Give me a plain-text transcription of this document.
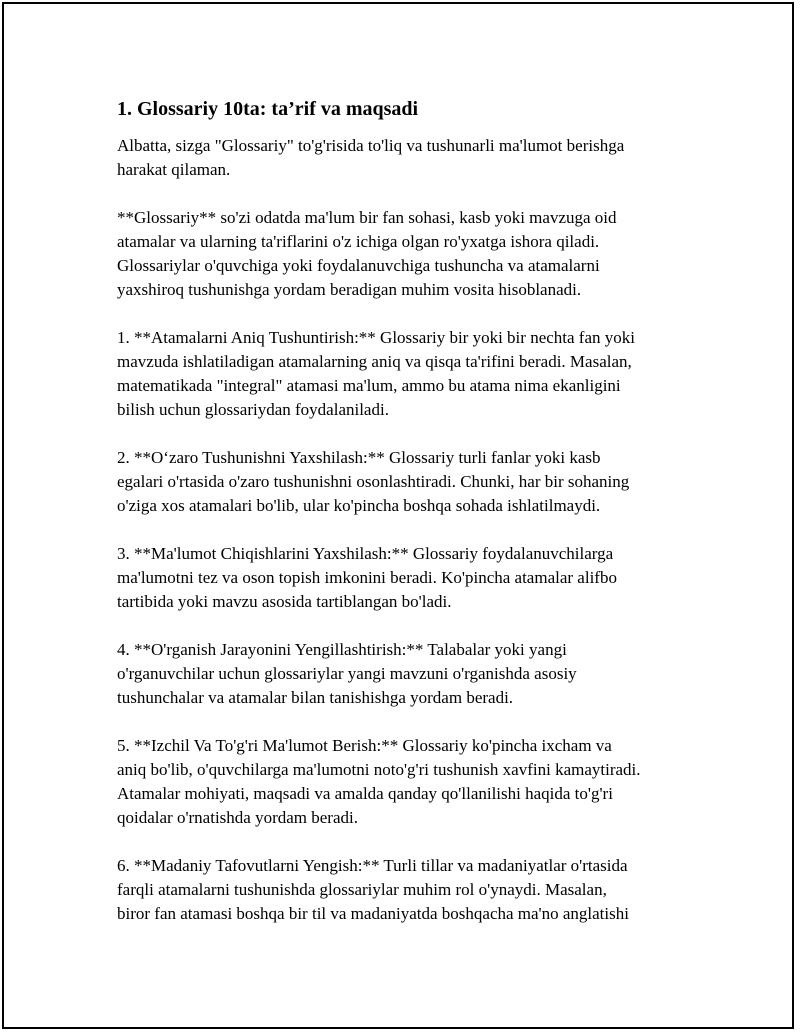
1. Glossariy 10ta: ta’rif va maqsadi

Albatta, sizga "Glossariy" to'g'risida to'liq va tushunarli ma'lumot berishga
harakat qilaman.

**Glossariy** so'zi odatda ma'lum bir fan sohasi, kasb yoki mavzuga oid
atamalar va ularning ta'riflarini o'z ichiga olgan ro'yxatga ishora qiladi.
Glossariylar o'quvchiga yoki foydalanuvchiga tushuncha va atamalarni
yaxshiroq tushunishga yordam beradigan muhim vosita hisoblanadi.

1. **Atamalarni Aniq Tushuntirish:** Glossariy bir yoki bir nechta fan yoki
mavzuda ishlatiladigan atamalarning aniq va qisqa ta'rifini beradi. Masalan,
matematikada "integral" atamasi ma'lum, ammo bu atama nima ekanligini
bilish uchun glossariydan foydalaniladi.

2. **O‘zaro Tushunishni Yaxshilash:** Glossariy turli fanlar yoki kasb
egalari o'rtasida o'zaro tushunishni osonlashtiradi. Chunki, har bir sohaning
o'ziga xos atamalari bo'lib, ular ko'pincha boshqa sohada ishlatilmaydi.

3. **Ma'lumot Chiqishlarini Yaxshilash:** Glossariy foydalanuvchilarga
ma'lumotni tez va oson topish imkonini beradi. Ko'pincha atamalar alifbo
tartibida yoki mavzu asosida tartiblangan bo'ladi.

4. **O'rganish Jarayonini Yengillashtirish:** Talabalar yoki yangi
o'rganuvchilar uchun glossariylar yangi mavzuni o'rganishda asosiy
tushunchalar va atamalar bilan tanishishga yordam beradi.

5. **Izchil Va To'g'ri Ma'lumot Berish:** Glossariy ko'pincha ixcham va
aniq bo'lib, o'quvchilarga ma'lumotni noto'g'ri tushunish xavfini kamaytiradi.
Atamalar mohiyati, maqsadi va amalda qanday qo'llanilishi haqida to'g'ri
qoidalar o'rnatishda yordam beradi.

6. **Madaniy Tafovutlarni Yengish:** Turli tillar va madaniyatlar o'rtasida
farqli atamalarni tushunishda glossariylar muhim rol o'ynaydi. Masalan,
biror fan atamasi boshqa bir til va madaniyatda boshqacha ma'no anglatishi
